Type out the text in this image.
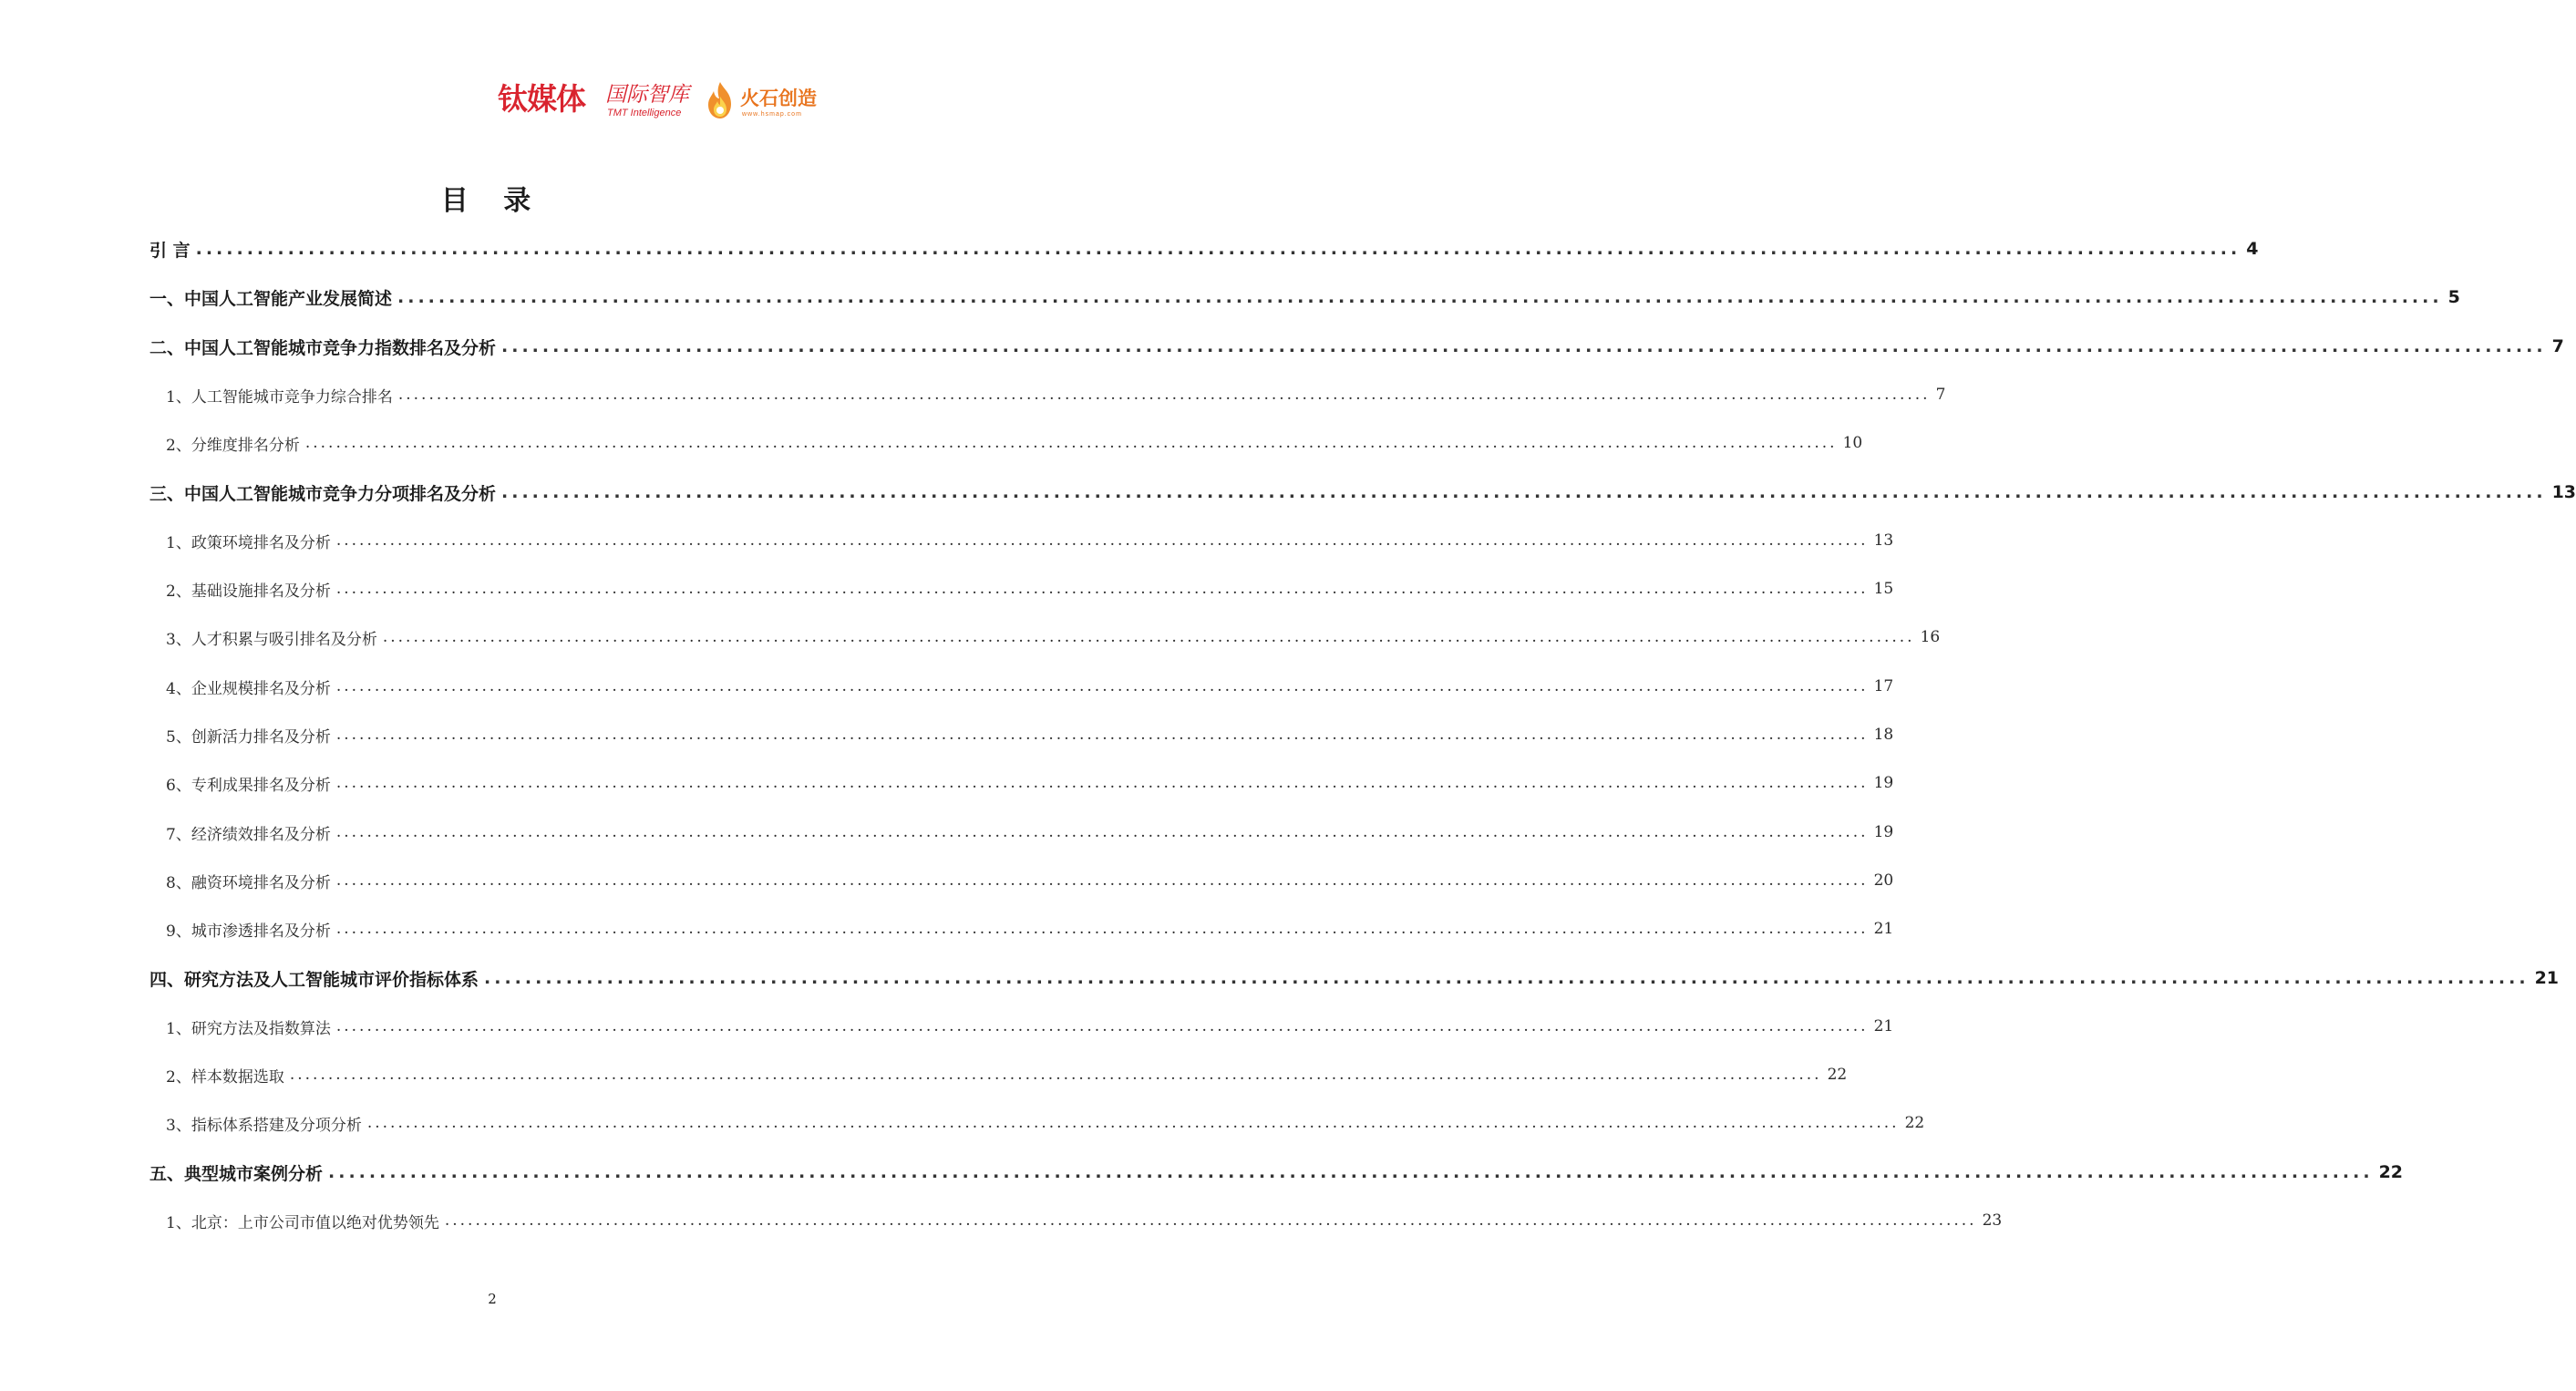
钛媒体 国际智库
TMT Intelligence
火石创造
www.hsmap.com
目 录
引 言 ........................................................................................................................................................................................................ 4
一、中国人工智能产业发展简述 ........................................................................................................................................................................................................ 5
二、中国人工智能城市竞争力指数排名及分析 ........................................................................................................................................................................................................ 7
1、人工智能城市竞争力综合排名 ........................................................................................................................................................................................................ 7
2、分维度排名分析 ........................................................................................................................................................................................................ 10
三、中国人工智能城市竞争力分项排名及分析 ........................................................................................................................................................................................................ 13
1、政策环境排名及分析 ........................................................................................................................................................................................................ 13
2、基础设施排名及分析 ........................................................................................................................................................................................................ 15
3、人才积累与吸引排名及分析 ........................................................................................................................................................................................................ 16
4、企业规模排名及分析 ........................................................................................................................................................................................................ 17
5、创新活力排名及分析 ........................................................................................................................................................................................................ 18
6、专利成果排名及分析 ........................................................................................................................................................................................................ 19
7、经济绩效排名及分析 ........................................................................................................................................................................................................ 19
8、融资环境排名及分析 ........................................................................................................................................................................................................ 20
9、城市渗透排名及分析 ........................................................................................................................................................................................................ 21
四、研究方法及人工智能城市评价指标体系 ........................................................................................................................................................................................................ 21
1、研究方法及指数算法 ........................................................................................................................................................................................................ 21
2、样本数据选取 ........................................................................................................................................................................................................ 22
3、指标体系搭建及分项分析 ........................................................................................................................................................................................................ 22
五、典型城市案例分析 ........................................................................................................................................................................................................ 22
1、北京：上市公司市值以绝对优势领先 ........................................................................................................................................................................................................ 23
2
